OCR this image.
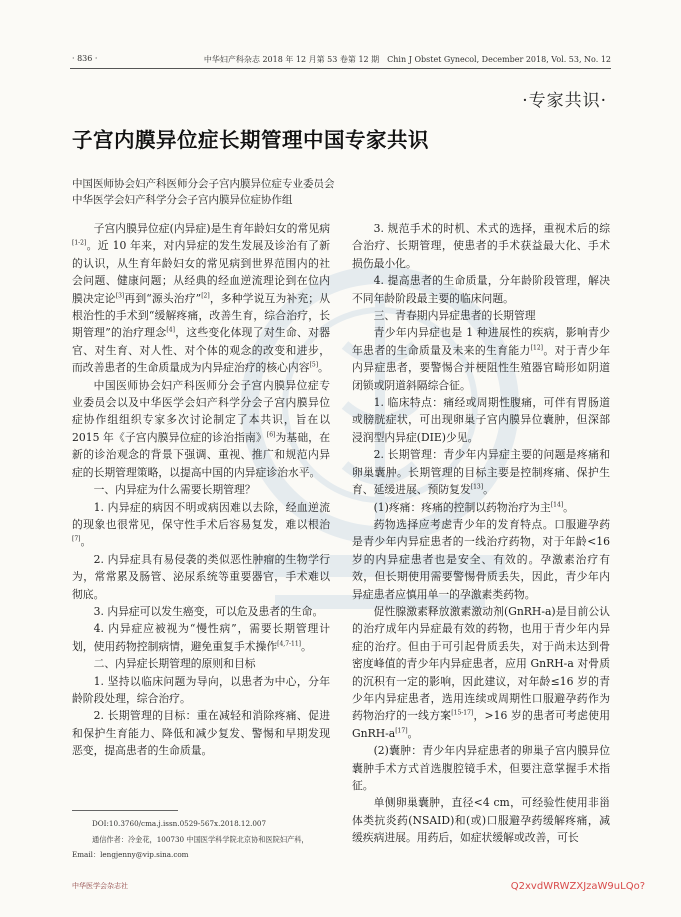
· 836 ·	中华妇产科杂志 2018 年 12 月第 53 卷第 12 期　Chin J Obstet Gynecol, December 2018, Vol. 53, No. 12
·专家共识·
子宫内膜异位症长期管理中国专家共识
中国医师协会妇产科医师分会子宫内膜异位症专业委员会
中华医学会妇产科学分会子宫内膜异位症协作组

子宫内膜异位症(内异症)是生育年龄妇女的常见病[1-2]。近 10 年来，对内异症的发生发展及诊治有了新的认识，从生育年龄妇女的常见病到世界范围内的社会问题、健康问题；从经典的经血逆流理论到在位内膜决定论[3]再到“源头治疗”[2]，多种学说互为补充；从根治性的手术到“缓解疼痛，改善生育，综合治疗，长期管理”的治疗理念[4]，这些变化体现了对生命、对器官、对生育、对人性、对个体的观念的改变和进步，而改善患者的生命质量成为内异症治疗的核心内容[5]。

中国医师协会妇产科医师分会子宫内膜异位症专业委员会以及中华医学会妇产科学分会子宫内膜异位症协作组组织专家多次讨论制定了本共识，旨在以 2015 年《子宫内膜异位症的诊治指南》[6]为基础，在新的诊治观念的背景下强调、重视、推广和规范内异症的长期管理策略，以提高中国的内异症诊治水平。

一、内异症为什么需要长期管理？

1. 内异症的病因不明或病因难以去除，经血逆流的现象也很常见，保守性手术后容易复发，难以根治[7]。

2. 内异症具有易侵袭的类似恶性肿瘤的生物学行为，常常累及肠管、泌尿系统等重要器官，手术难以彻底。

3. 内异症可以发生癌变，可以危及患者的生命。

4. 内异症应被视为“慢性病”，需要长期管理计划，使用药物控制病情，避免重复手术操作[4,7-11]。

二、内异症长期管理的原则和目标

1. 坚持以临床问题为导向，以患者为中心，分年龄阶段处理，综合治疗。

2. 长期管理的目标：重在减轻和消除疼痛、促进和保护生育能力、降低和减少复发、警惕和早期发现恶变，提高患者的生命质量。

3. 规范手术的时机、术式的选择，重视术后的综合治疗、长期管理，使患者的手术获益最大化、手术损伤最小化。

4. 提高患者的生命质量，分年龄阶段管理，解决不同年龄阶段最主要的临床问题。

三、青春期内异症患者的长期管理

青少年内异症也是 1 种进展性的疾病，影响青少年患者的生命质量及未来的生育能力[12]。对于青少年内异症患者，要警惕合并梗阻性生殖器官畸形如阴道闭锁或阴道斜隔综合征。

1. 临床特点：痛经或周期性腹痛，可伴有胃肠道或膀胱症状，可出现卵巢子宫内膜异位囊肿，但深部浸润型内异症(DIE)少见。

2. 长期管理：青少年内异症主要的问题是疼痛和卵巢囊肿。长期管理的目标主要是控制疼痛、保护生育、延缓进展、预防复发[13]。

(1)疼痛：疼痛的控制以药物治疗为主[14]。

药物选择应考虑青少年的发育特点。口服避孕药是青少年内异症患者的一线治疗药物，对于年龄<16 岁的内异症患者也是安全、有效的。孕激素治疗有效，但长期使用需要警惕骨质丢失，因此，青少年内异症患者应慎用单一的孕激素类药物。

促性腺激素释放激素激动剂(GnRH-a)是目前公认的治疗成年内异症最有效的药物，也用于青少年内异症的治疗。但由于可引起骨质丢失，对于尚未达到骨密度峰值的青少年内异症患者，应用 GnRH-a 对骨质的沉积有一定的影响，因此建议，对年龄≤16 岁的青少年内异症患者，选用连续或周期性口服避孕药作为药物治疗的一线方案[15-17]，>16 岁的患者可考虑使用 GnRH-a[17]。

(2)囊肿：青少年内异症患者的卵巢子宫内膜异位囊肿手术方式首选腹腔镜手术，但要注意掌握手术指征。

单侧卵巢囊肿，直径<4 cm，可经验性使用非甾体类抗炎药(NSAID)和(或)口服避孕药缓解疼痛，减缓疾病进展。用药后，如症状缓解或改善，可长

DOI:10.3760/cma.j.issn.0529-567x.2018.12.007
通信作者：冷金花，100730 中国医学科学院北京协和医院妇产科，Email：lengjenny@vip.sina.com
中华医学会杂志社	Q2xvdWRWZXJzaW9uLQo?
